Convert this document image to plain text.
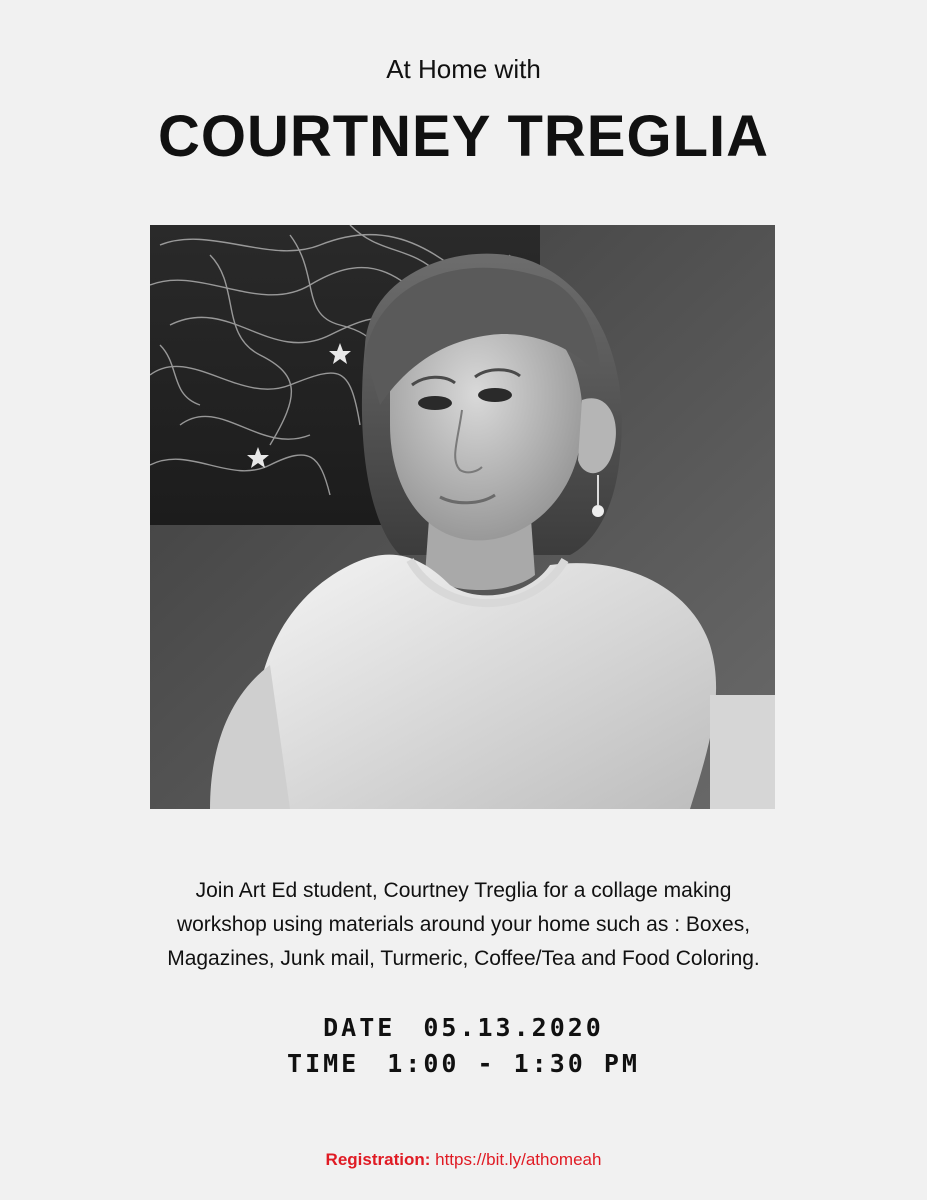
At Home with
COURTNEY TREGLIA
Join Art Ed student, Courtney Treglia for a collage making
workshop using materials around your home such as : Boxes,
Magazines, Junk mail, Turmeric, Coffee/Tea and Food Coloring.
DATE 05.13.2020
TIME 1:00 - 1:30 PM
Registration: https://bit.ly/athomeah
